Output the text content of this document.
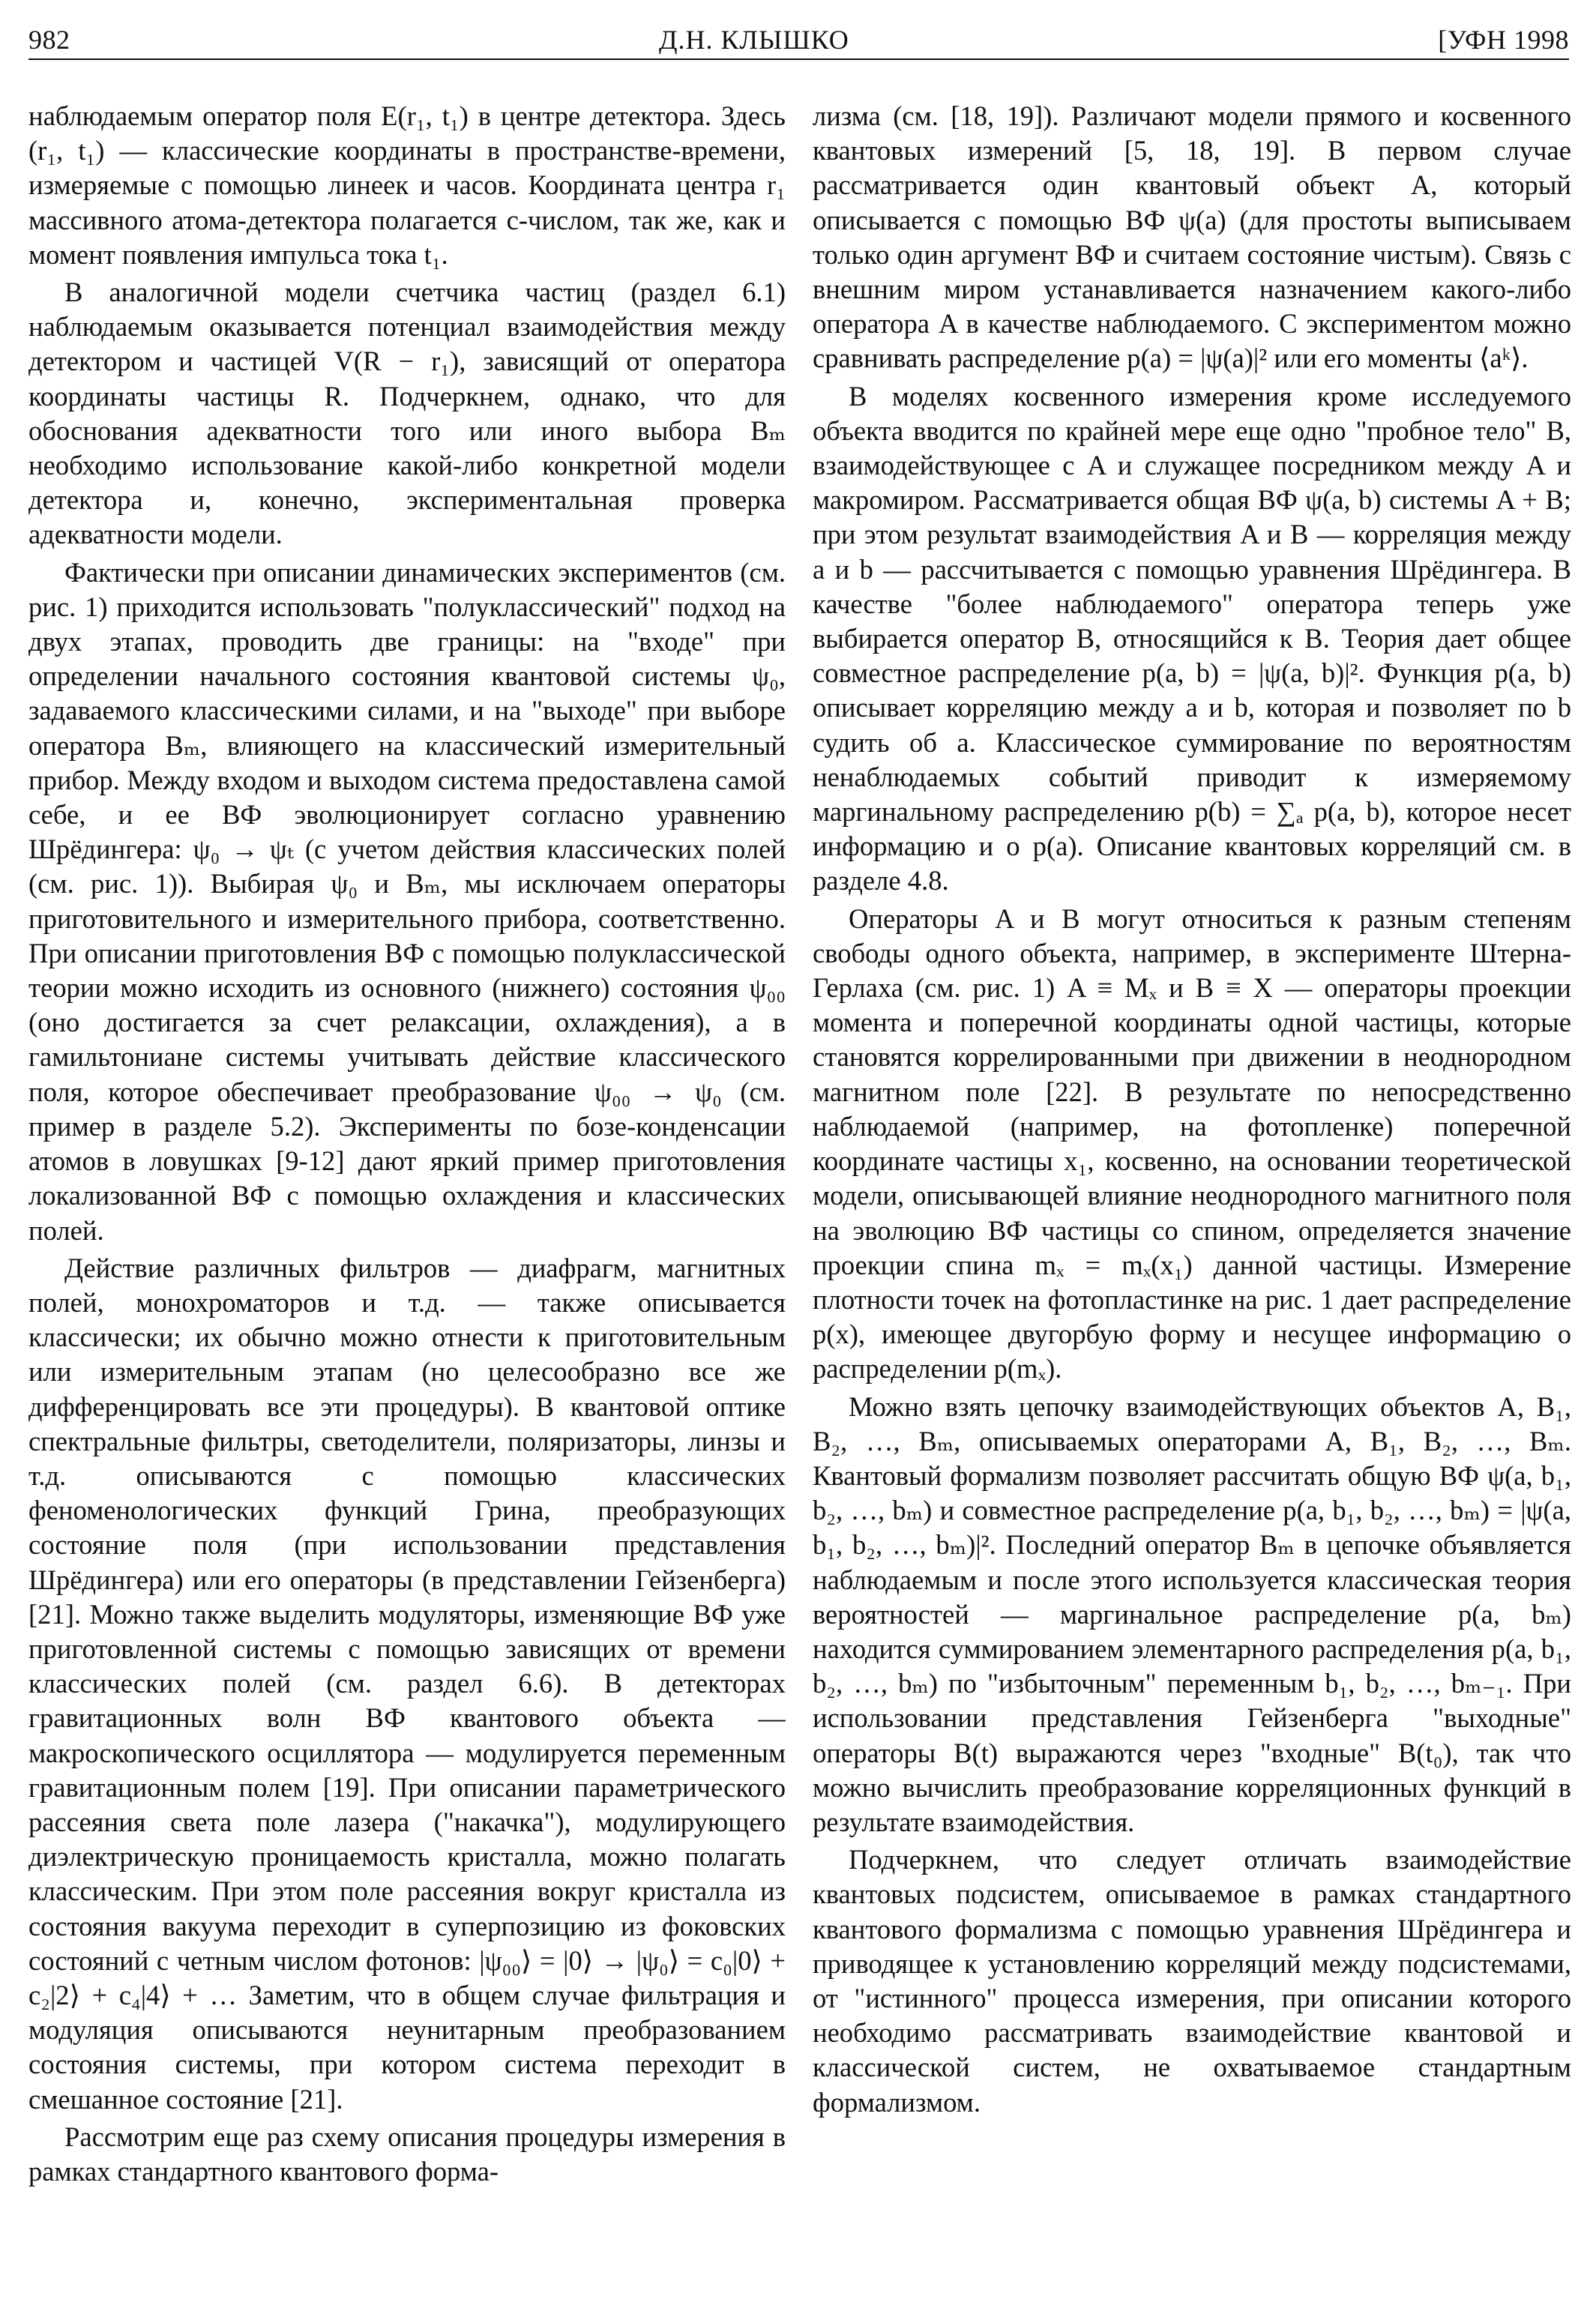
982	Д.Н. КЛЫШКО	[УФН 1998

наблюдаемым оператор поля E(r₁, t₁) в центре детектора. Здесь (r₁, t₁) — классические координаты в пространстве-времени, измеряемые с помощью линеек и часов. Координата центра r₁ массивного атома-детектора полагается c-числом, так же, как и момент появления импульса тока t₁.

В аналогичной модели счетчика частиц (раздел 6.1) наблюдаемым оказывается потенциал взаимодействия между детектором и частицей V(R − r₁), зависящий от оператора координаты частицы R. Подчеркнем, однако, что для обоснования адекватности того или иного выбора Bₘ необходимо использование какой-либо конкретной модели детектора и, конечно, экспериментальная проверка адекватности модели.

Фактически при описании динамических экспериментов (см. рис. 1) приходится использовать "полуклассический" подход на двух этапах, проводить две границы: на "входе" при определении начального состояния квантовой системы ψ₀, задаваемого классическими силами, и на "выходе" при выборе оператора Bₘ, влияющего на классический измерительный прибор. Между входом и выходом система предоставлена самой себе, и ее ВФ эволюционирует согласно уравнению Шрёдингера: ψ₀ → ψₜ (с учетом действия классических полей (см. рис. 1)). Выбирая ψ₀ и Bₘ, мы исключаем операторы приготовительного и измерительного прибора, соответственно. При описании приготовления ВФ с помощью полуклассической теории можно исходить из основного (нижнего) состояния ψ₀₀ (оно достигается за счет релаксации, охлаждения), а в гамильтониане системы учитывать действие классического поля, которое обеспечивает преобразование ψ₀₀ → ψ₀ (см. пример в разделе 5.2). Эксперименты по бозе-конденсации атомов в ловушках [9-12] дают яркий пример приготовления локализованной ВФ с помощью охлаждения и классических полей.

Действие различных фильтров — диафрагм, магнитных полей, монохроматоров и т.д. — также описывается классически; их обычно можно отнести к приготовительным или измерительным этапам (но целесообразно все же дифференцировать все эти процедуры). В квантовой оптике спектральные фильтры, светоделители, поляризаторы, линзы и т.д. описываются с помощью классических феноменологических функций Грина, преобразующих состояние поля (при использовании представления Шрёдингера) или его операторы (в представлении Гейзенберга) [21]. Можно также выделить модуляторы, изменяющие ВФ уже приготовленной системы с помощью зависящих от времени классических полей (см. раздел 6.6). В детекторах гравитационных волн ВФ квантового объекта — макроскопического осциллятора — модулируется переменным гравитационным полем [19]. При описании параметрического рассеяния света поле лазера ("накачка"), модулирующего диэлектрическую проницаемость кристалла, можно полагать классическим. При этом поле рассеяния вокруг кристалла из состояния вакуума переходит в суперпозицию из фоковских состояний с четным числом фотонов: |ψ₀₀⟩ = |0⟩ → |ψ₀⟩ = c₀|0⟩ + c₂|2⟩ + c₄|4⟩ + … Заметим, что в общем случае фильтрация и модуляция описываются неунитарным преобразованием состояния системы, при котором система переходит в смешанное состояние [21].

Рассмотрим еще раз схему описания процедуры измерения в рамках стандартного квантового форма-

лизма (см. [18, 19]). Различают модели прямого и косвенного квантовых измерений [5, 18, 19]. В первом случае рассматривается один квантовый объект A, который описывается с помощью ВФ ψ(a) (для простоты выписываем только один аргумент ВФ и считаем состояние чистым). Связь с внешним миром устанавливается назначением какого-либо оператора A в качестве наблюдаемого. С экспериментом можно сравнивать распределение p(a) = |ψ(a)|² или его моменты ⟨aᵏ⟩.

В моделях косвенного измерения кроме исследуемого объекта вводится по крайней мере еще одно "пробное тело" B, взаимодействующее с A и служащее посредником между A и макромиром. Рассматривается общая ВФ ψ(a, b) системы A + B; при этом результат взаимодействия A и B — корреляция между a и b — рассчитывается с помощью уравнения Шрёдингера. В качестве "более наблюдаемого" оператора теперь уже выбирается оператор B, относящийся к B. Теория дает общее совместное распределение p(a, b) = |ψ(a, b)|². Функция p(a, b) описывает корреляцию между a и b, которая и позволяет по b судить об a. Классическое суммирование по вероятностям ненаблюдаемых событий приводит к измеряемому маргинальному распределению p(b) = ∑ₐ p(a, b), которое несет информацию и о p(a). Описание квантовых корреляций см. в разделе 4.8.

Операторы A и B могут относиться к разным степеням свободы одного объекта, например, в эксперименте Штерна-Герлаха (см. рис. 1) A ≡ Mₓ и B ≡ X — операторы проекции момента и поперечной координаты одной частицы, которые становятся коррелированными при движении в неоднородном магнитном поле [22]. В результате по непосредственно наблюдаемой (например, на фотопленке) поперечной координате частицы x₁, косвенно, на основании теоретической модели, описывающей влияние неоднородного магнитного поля на эволюцию ВФ частицы со спином, определяется значение проекции спина mₓ = mₓ(x₁) данной частицы. Измерение плотности точек на фотопластинке на рис. 1 дает распределение p(x), имеющее двугорбую форму и несущее информацию о распределении p(mₓ).

Можно взять цепочку взаимодействующих объектов A, B₁, B₂, …, Bₘ, описываемых операторами A, B₁, B₂, …, Bₘ. Квантовый формализм позволяет рассчитать общую ВФ ψ(a, b₁, b₂, …, bₘ) и совместное распределение p(a, b₁, b₂, …, bₘ) = |ψ(a, b₁, b₂, …, bₘ)|². Последний оператор Bₘ в цепочке объявляется наблюдаемым и после этого используется классическая теория вероятностей — маргинальное распределение p(a, bₘ) находится суммированием элементарного распределения p(a, b₁, b₂, …, bₘ) по "избыточным" переменным b₁, b₂, …, bₘ₋₁. При использовании представления Гейзенберга "выходные" операторы B(t) выражаются через "входные" B(t₀), так что можно вычислить преобразование корреляционных функций в результате взаимодействия.

Подчеркнем, что следует отличать взаимодействие квантовых подсистем, описываемое в рамках стандартного квантового формализма с помощью уравнения Шрёдингера и приводящее к установлению корреляций между подсистемами, от "истинного" процесса измерения, при описании которого необходимо рассматривать взаимодействие квантовой и классической систем, не охватываемое стандартным формализмом.
